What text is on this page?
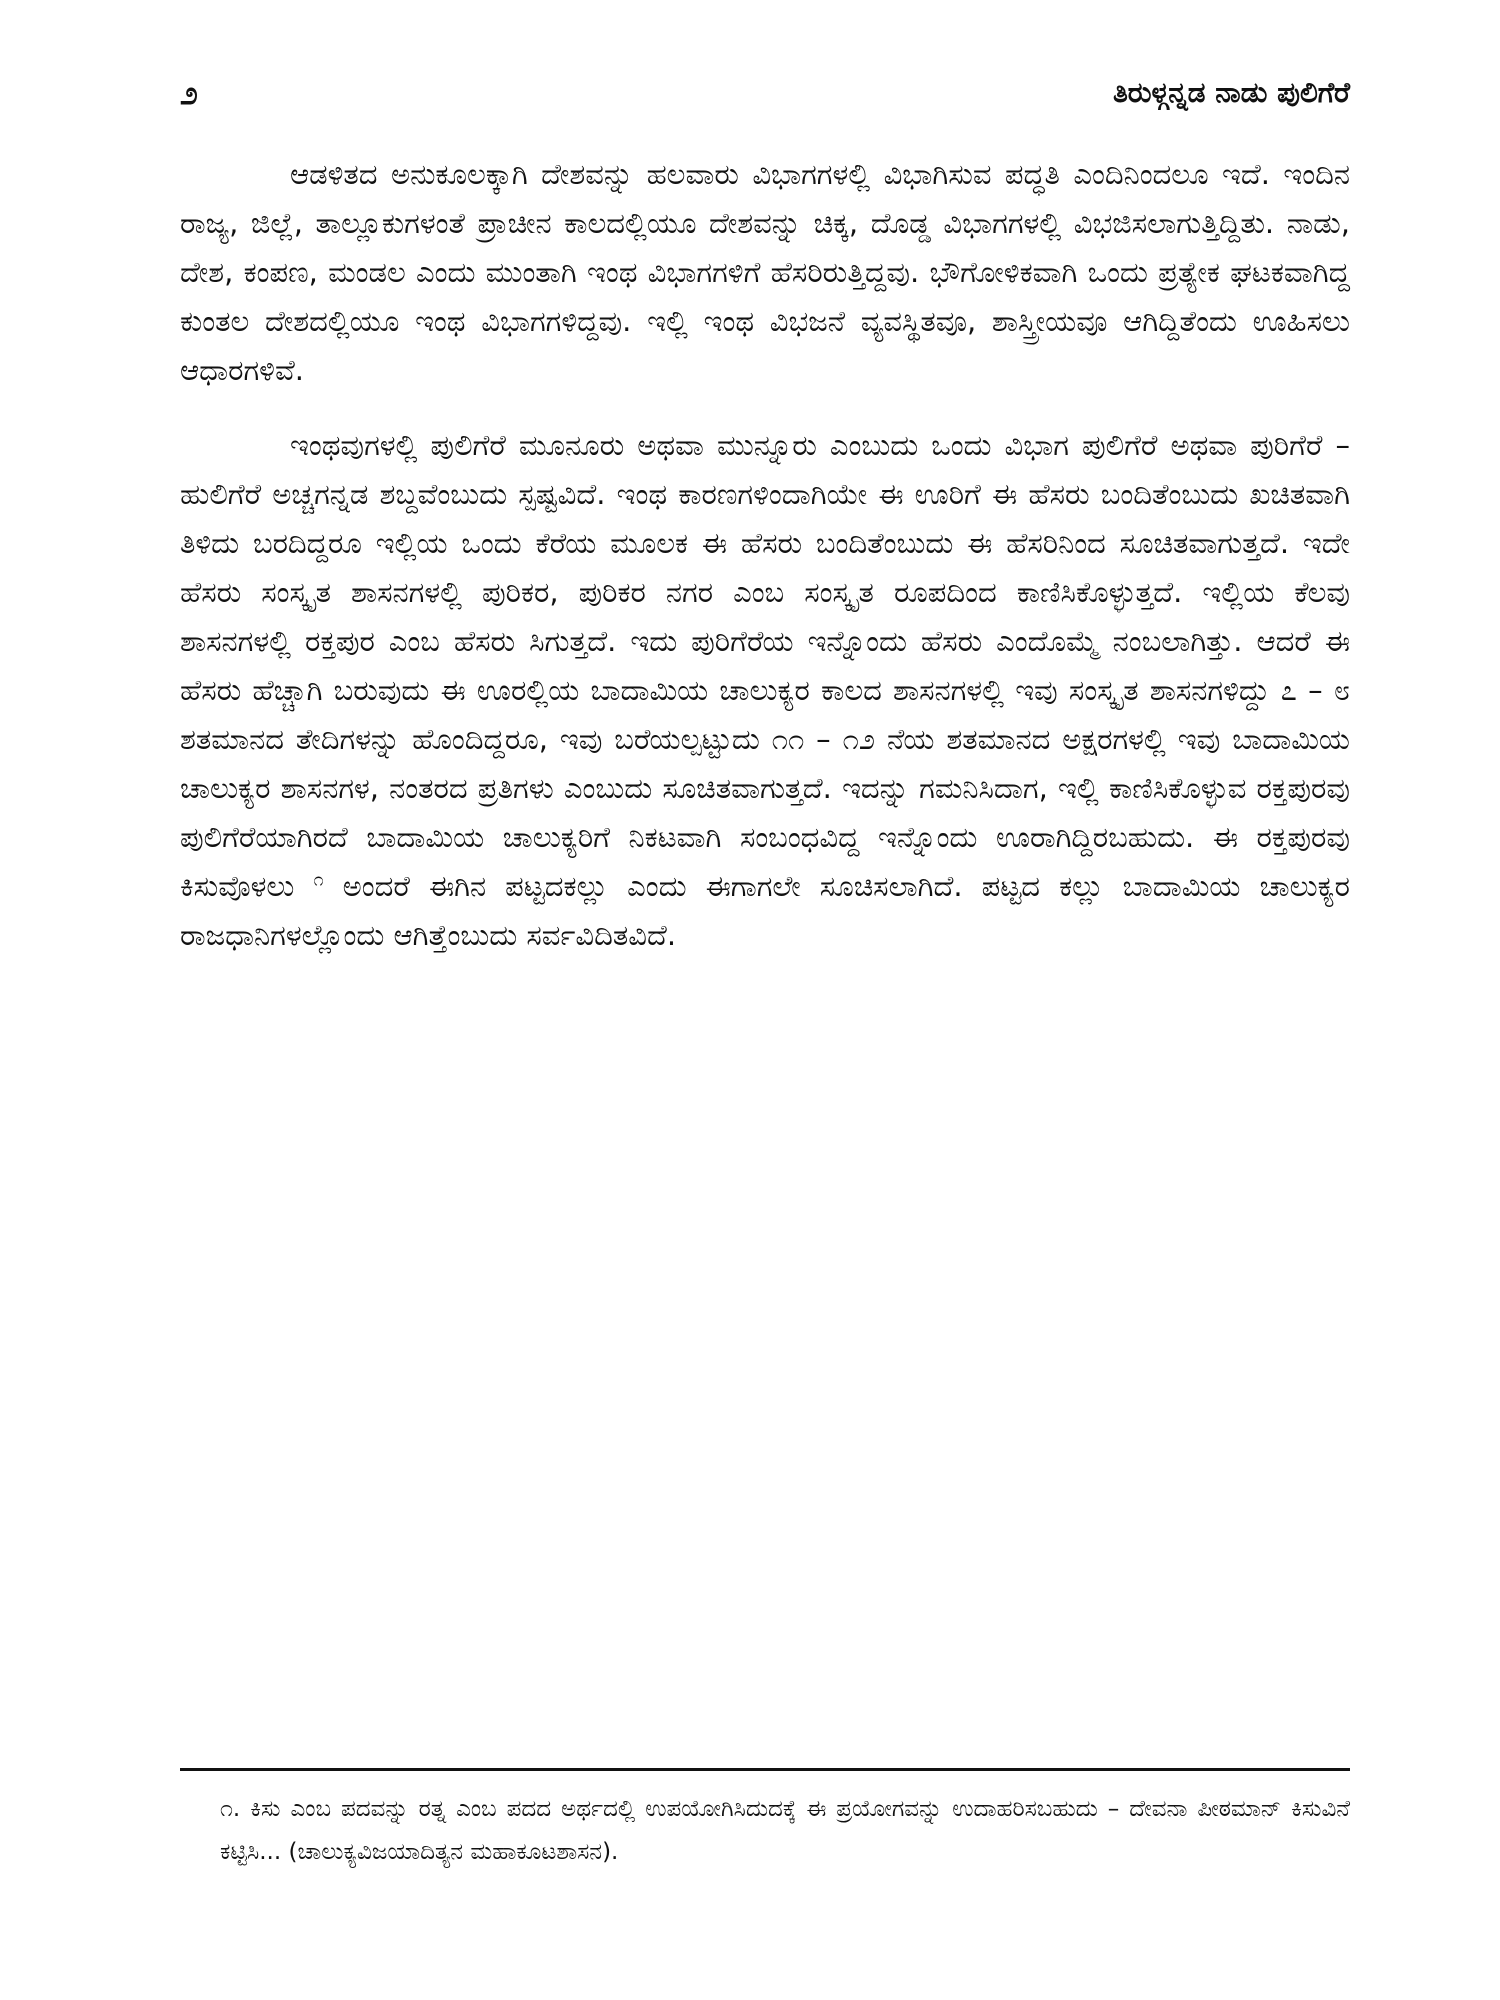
೨	ತಿರುಳ್ಗನ್ನಡ ನಾಡು ಪುಲಿಗೆರೆ

ಆಡಳಿತದ ಅನುಕೂಲಕ್ಕಾಗಿ ದೇಶವನ್ನು ಹಲವಾರು ವಿಭಾಗಗಳಲ್ಲಿ ವಿಭಾಗಿಸುವ ಪದ್ಧತಿ ಎಂದಿನಿಂದಲೂ ಇದೆ. ಇಂದಿನ ರಾಜ್ಯ, ಜಿಲ್ಲೆ, ತಾಲ್ಲೂಕುಗಳಂತೆ ಪ್ರಾಚೀನ ಕಾಲದಲ್ಲಿಯೂ ದೇಶವನ್ನು ಚಿಕ್ಕ, ದೊಡ್ಡ ವಿಭಾಗಗಳಲ್ಲಿ ವಿಭಜಿಸಲಾಗುತ್ತಿದ್ದಿತು. ನಾಡು, ದೇಶ, ಕಂಪಣ, ಮಂಡಲ ಎಂದು ಮುಂತಾಗಿ ಇಂಥ ವಿಭಾಗಗಳಿಗೆ ಹೆಸರಿರುತ್ತಿದ್ದವು. ಭೌಗೋಳಿಕವಾಗಿ ಒಂದು ಪ್ರತ್ಯೇಕ ಘಟಕವಾಗಿದ್ದ ಕುಂತಲ ದೇಶದಲ್ಲಿಯೂ ಇಂಥ ವಿಭಾಗಗಳಿದ್ದವು. ಇಲ್ಲಿ ಇಂಥ ವಿಭಜನೆ ವ್ಯವಸ್ಥಿತವೂ, ಶಾಸ್ತ್ರೀಯವೂ ಆಗಿದ್ದಿತೆಂದು ಊಹಿಸಲು ಆಧಾರಗಳಿವೆ.

ಇಂಥವುಗಳಲ್ಲಿ ಪುಲಿಗೆರೆ ಮೂನೂರು ಅಥವಾ ಮುನ್ನೂರು ಎಂಬುದು ಒಂದು ವಿಭಾಗ ಪುಲಿಗೆರೆ ಅಥವಾ ಪುರಿಗೆರೆ – ಹುಲಿಗೆರೆ ಅಚ್ಚಗನ್ನಡ ಶಬ್ದವೆಂಬುದು ಸ್ಪಷ್ಟವಿದೆ. ಇಂಥ ಕಾರಣಗಳಿಂದಾಗಿಯೇ ಈ ಊರಿಗೆ ಈ ಹೆಸರು ಬಂದಿತೆಂಬುದು ಖಚಿತವಾಗಿ ತಿಳಿದು ಬರದಿದ್ದರೂ ಇಲ್ಲಿಯ ಒಂದು ಕೆರೆಯ ಮೂಲಕ ಈ ಹೆಸರು ಬಂದಿತೆಂಬುದು ಈ ಹೆಸರಿನಿಂದ ಸೂಚಿತವಾಗುತ್ತದೆ. ಇದೇ ಹೆಸರು ಸಂಸ್ಕೃತ ಶಾಸನಗಳಲ್ಲಿ ಪುರಿಕರ, ಪುರಿಕರ ನಗರ ಎಂಬ ಸಂಸ್ಕೃತ ರೂಪದಿಂದ ಕಾಣಿಸಿಕೊಳ್ಳುತ್ತದೆ. ಇಲ್ಲಿಯ ಕೆಲವು ಶಾಸನಗಳಲ್ಲಿ ರಕ್ತಪುರ ಎಂಬ ಹೆಸರು ಸಿಗುತ್ತದೆ. ಇದು ಪುರಿಗೆರೆಯ ಇನ್ನೊಂದು ಹೆಸರು ಎಂದೊಮ್ಮೆ ನಂಬಲಾಗಿತ್ತು. ಆದರೆ ಈ ಹೆಸರು ಹೆಚ್ಚಾಗಿ ಬರುವುದು ಈ ಊರಲ್ಲಿಯ ಬಾದಾಮಿಯ ಚಾಲುಕ್ಯರ ಕಾಲದ ಶಾಸನಗಳಲ್ಲಿ ಇವು ಸಂಸ್ಕೃತ ಶಾಸನಗಳಿದ್ದು ೭ – ೮ ಶತಮಾನದ ತೇದಿಗಳನ್ನು ಹೊಂದಿದ್ದರೂ, ಇವು ಬರೆಯಲ್ಪಟ್ಟುದು ೧೧ – ೧೨ ನೆಯ ಶತಮಾನದ ಅಕ್ಷರಗಳಲ್ಲಿ ಇವು ಬಾದಾಮಿಯ ಚಾಲುಕ್ಯರ ಶಾಸನಗಳ, ನಂತರದ ಪ್ರತಿಗಳು ಎಂಬುದು ಸೂಚಿತವಾಗುತ್ತದೆ. ಇದನ್ನು ಗಮನಿಸಿದಾಗ, ಇಲ್ಲಿ ಕಾಣಿಸಿಕೊಳ್ಳುವ ರಕ್ತಪುರವು ಪುಲಿಗೆರೆಯಾಗಿರದೆ ಬಾದಾಮಿಯ ಚಾಲುಕ್ಯರಿಗೆ ನಿಕಟವಾಗಿ ಸಂಬಂಧವಿದ್ದ ಇನ್ನೊಂದು ಊರಾಗಿದ್ದಿರಬಹುದು. ಈ ರಕ್ತಪುರವು ಕಿಸುವೊಳಲು $^೧$ ಅಂದರೆ ಈಗಿನ ಪಟ್ಟದಕಲ್ಲು ಎಂದು ಈಗಾಗಲೇ ಸೂಚಿಸಲಾಗಿದೆ. ಪಟ್ಟದ ಕಲ್ಲು ಬಾದಾಮಿಯ ಚಾಲುಕ್ಯರ ರಾಜಧಾನಿಗಳಲ್ಲೊಂದು ಆಗಿತ್ತೆಂಬುದು ಸರ್ವವಿದಿತವಿದೆ.

೧. ಕಿಸು ಎಂಬ ಪದವನ್ನು ರತ್ನ ಎಂಬ ಪದದ ಅರ್ಥದಲ್ಲಿ ಉಪಯೋಗಿಸಿದುದಕ್ಕೆ ಈ ಪ್ರಯೋಗವನ್ನು ಉದಾಹರಿಸಬಹುದು – ದೇವನಾ ಪೀಠಮಾನ್ ಕಿಸುವಿನೆ ಕಟ್ಟಿಸಿ... (ಚಾಲುಕ್ಯವಿಜಯಾದಿತ್ಯನ ಮಹಾಕೂಟಶಾಸನ).
